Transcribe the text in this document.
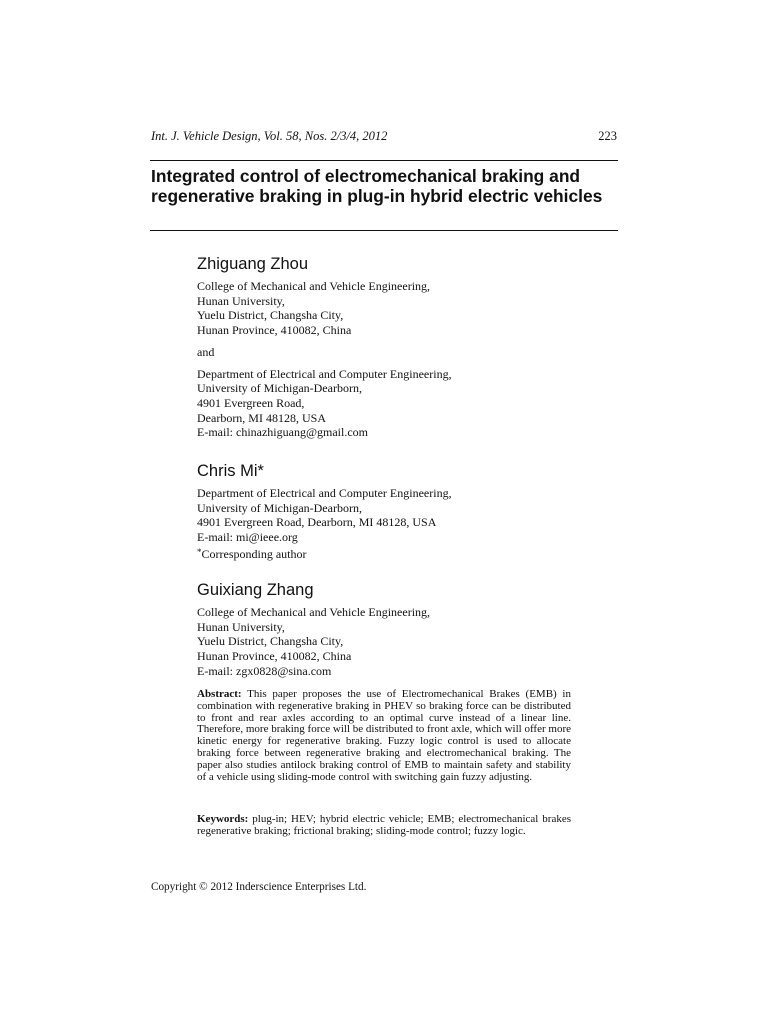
Int. J. Vehicle Design, Vol. 58, Nos. 2/3/4, 2012	223
Integrated control of electromechanical braking and regenerative braking in plug-in hybrid electric vehicles
Zhiguang Zhou
College of Mechanical and Vehicle Engineering,
Hunan University,
Yuelu District, Changsha City,
Hunan Province, 410082, China
and
Department of Electrical and Computer Engineering,
University of Michigan-Dearborn,
4901 Evergreen Road,
Dearborn, MI 48128, USA
E-mail: chinazhiguang@gmail.com
Chris Mi*
Department of Electrical and Computer Engineering,
University of Michigan-Dearborn,
4901 Evergreen Road, Dearborn, MI 48128, USA
E-mail: mi@ieee.org
*Corresponding author
Guixiang Zhang
College of Mechanical and Vehicle Engineering,
Hunan University,
Yuelu District, Changsha City,
Hunan Province, 410082, China
E-mail: zgx0828@sina.com
Abstract: This paper proposes the use of Electromechanical Brakes (EMB) in combination with regenerative braking in PHEV so braking force can be distributed to front and rear axles according to an optimal curve instead of a linear line. Therefore, more braking force will be distributed to front axle, which will offer more kinetic energy for regenerative braking. Fuzzy logic control is used to allocate braking force between regenerative braking and electromechanical braking. The paper also studies antilock braking control of EMB to maintain safety and stability of a vehicle using sliding-mode control with switching gain fuzzy adjusting.
Keywords: plug-in; HEV; hybrid electric vehicle; EMB; electromechanical brakes regenerative braking; frictional braking; sliding-mode control; fuzzy logic.
Copyright © 2012 Inderscience Enterprises Ltd.
